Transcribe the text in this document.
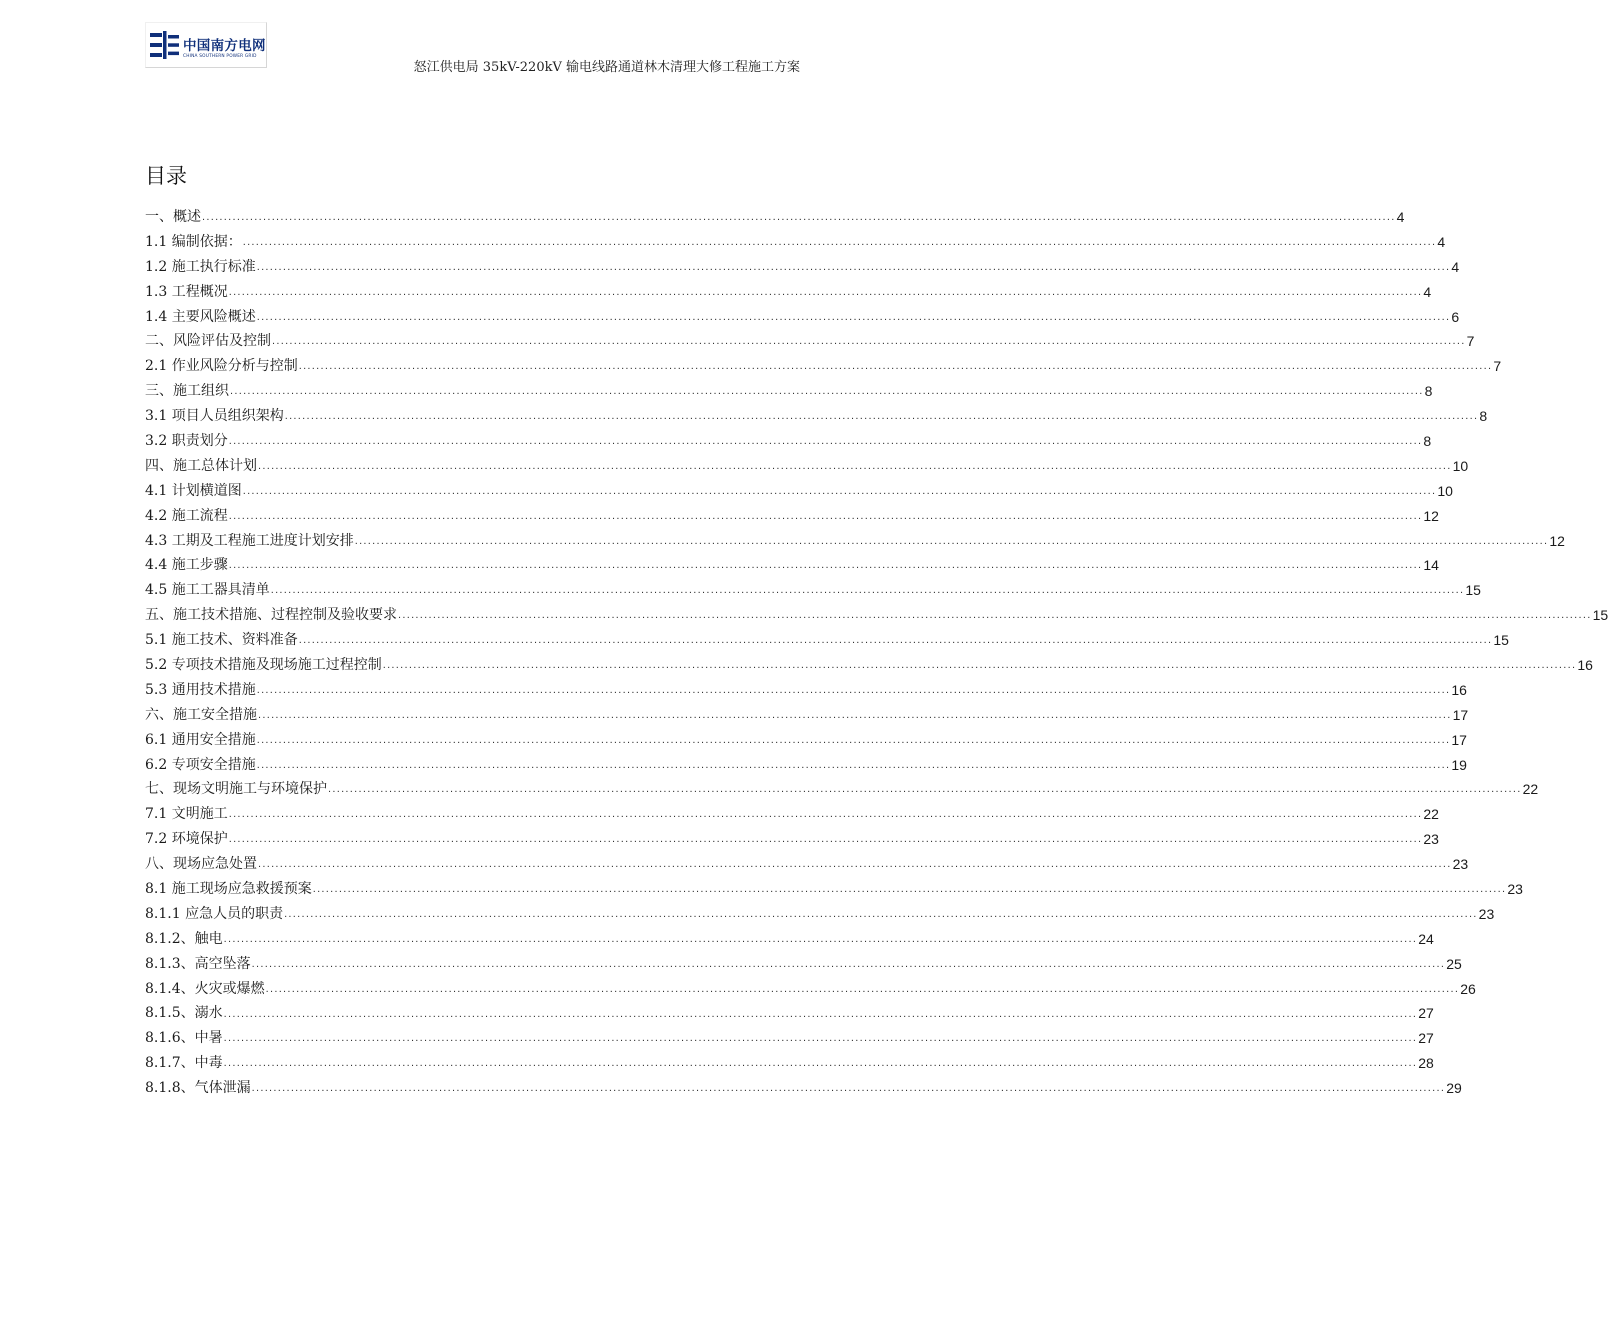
中国南方电网
CHINA SOUTHERN POWER GRID
怒江供电局 35kV-220kV 输电线路通道林木清理大修工程施工方案
目录
一、概述 .................................................................................................................................................................................................................................................................................. 4
1.1 编制依据： .................................................................................................................................................................................................................................................................................. 4
1.2 施工执行标准 .................................................................................................................................................................................................................................................................................. 4
1.3 工程概况 .................................................................................................................................................................................................................................................................................. 4
1.4 主要风险概述 .................................................................................................................................................................................................................................................................................. 6
二、风险评估及控制 .................................................................................................................................................................................................................................................................................. 7
2.1 作业风险分析与控制 .................................................................................................................................................................................................................................................................................. 7
三、施工组织 .................................................................................................................................................................................................................................................................................. 8
3.1 项目人员组织架构 .................................................................................................................................................................................................................................................................................. 8
3.2 职责划分 .................................................................................................................................................................................................................................................................................. 8
四、施工总体计划 .................................................................................................................................................................................................................................................................................. 10
4.1 计划横道图 .................................................................................................................................................................................................................................................................................. 10
4.2 施工流程 .................................................................................................................................................................................................................................................................................. 12
4.3 工期及工程施工进度计划安排 .................................................................................................................................................................................................................................................................................. 12
4.4 施工步骤 .................................................................................................................................................................................................................................................................................. 14
4.5 施工工器具清单 .................................................................................................................................................................................................................................................................................. 15
五、施工技术措施、过程控制及验收要求 .................................................................................................................................................................................................................................................................................. 15
5.1 施工技术、资料准备 .................................................................................................................................................................................................................................................................................. 15
5.2 专项技术措施及现场施工过程控制 .................................................................................................................................................................................................................................................................................. 16
5.3 通用技术措施 .................................................................................................................................................................................................................................................................................. 16
六、施工安全措施 .................................................................................................................................................................................................................................................................................. 17
6.1 通用安全措施 .................................................................................................................................................................................................................................................................................. 17
6.2 专项安全措施 .................................................................................................................................................................................................................................................................................. 19
七、现场文明施工与环境保护 .................................................................................................................................................................................................................................................................................. 22
7.1 文明施工 .................................................................................................................................................................................................................................................................................. 22
7.2 环境保护 .................................................................................................................................................................................................................................................................................. 23
八、现场应急处置 .................................................................................................................................................................................................................................................................................. 23
8.1 施工现场应急救援预案 .................................................................................................................................................................................................................................................................................. 23
8.1.1 应急人员的职责 .................................................................................................................................................................................................................................................................................. 23
8.1.2、触电 .................................................................................................................................................................................................................................................................................. 24
8.1.3、高空坠落 .................................................................................................................................................................................................................................................................................. 25
8.1.4、火灾或爆燃 .................................................................................................................................................................................................................................................................................. 26
8.1.5、溺水 .................................................................................................................................................................................................................................................................................. 27
8.1.6、中暑 .................................................................................................................................................................................................................................................................................. 27
8.1.7、中毒 .................................................................................................................................................................................................................................................................................. 28
8.1.8、气体泄漏 .................................................................................................................................................................................................................................................................................. 29
